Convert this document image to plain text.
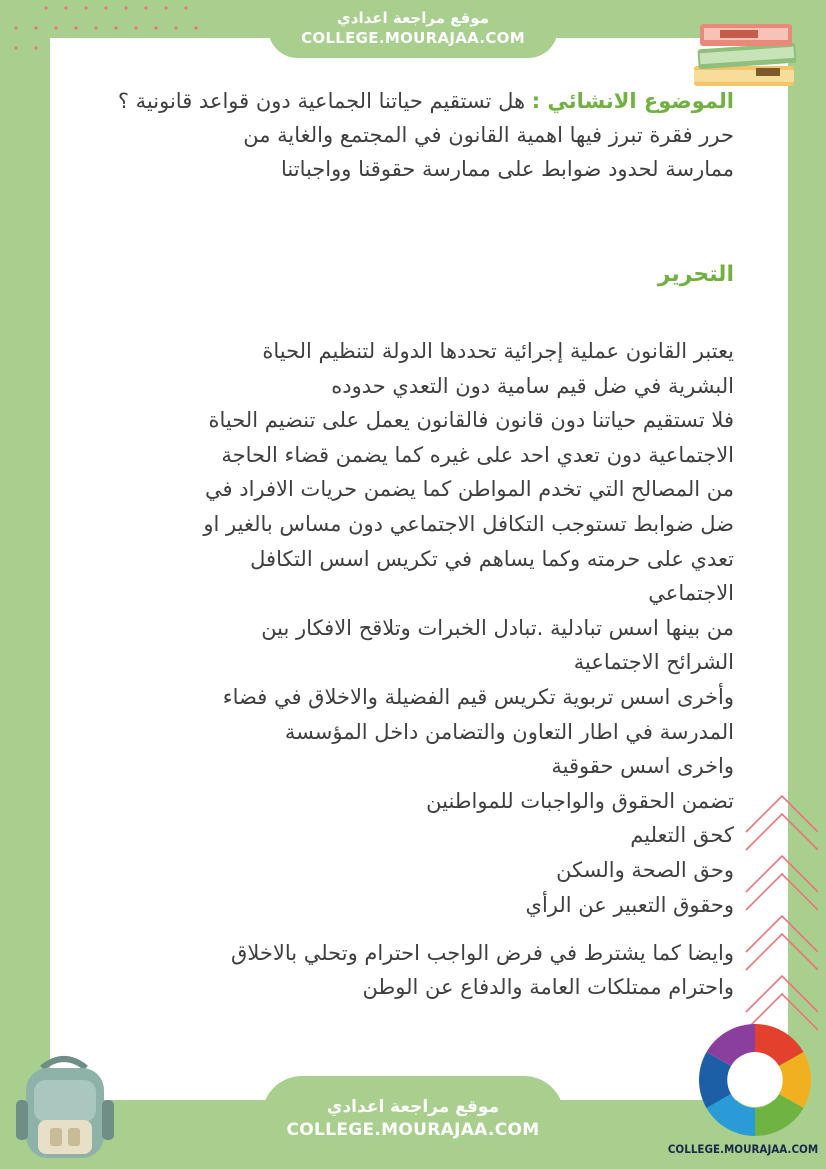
موقع مراجعة اعدادي
COLLEGE.MOURAJAA.COM
الموضوع الانشائي : هل تستقيم حياتنا الجماعية دون قواعد قانونية ؟
حرر فقرة تبرز فيها اهمية القانون في المجتمع والغاية من
ممارسة لحدود ضوابط على ممارسة حقوقنا وواجباتنا
التحرير
يعتبر القانون عملية إجرائية تحددها الدولة لتنظيم الحياة
البشرية في ضل قيم سامية دون التعدي حدوده
فلا تستقيم حياتنا دون قانون فالقانون يعمل على تنضيم الحياة
الاجتماعية دون تعدي احد على غيره كما يضمن قضاء الحاجة
من المصالح التي تخدم المواطن كما يضمن حريات الافراد في
ضل ضوابط تستوجب التكافل الاجتماعي دون مساس بالغير او
تعدي على حرمته وكما يساهم في تكريس اسس التكافل
الاجتماعي
من بينها اسس تبادلية .تبادل الخبرات وتلاقح الافكار بين
الشرائح الاجتماعية
وأخرى اسس تربوية تكريس قيم الفضيلة والاخلاق في فضاء
المدرسة في اطار التعاون والتضامن داخل المؤسسة
واخرى اسس حقوقية
تضمن الحقوق والواجبات للمواطنين
كحق التعليم
وحق الصحة والسكن
وحقوق التعبير عن الرأي
وايضا كما يشترط في فرض الواجب احترام وتحلي بالاخلاق
واحترام ممتلكات العامة والدفاع عن الوطن
موقع مراجعة اعدادي
COLLEGE.MOURAJAA.COM
COLLEGE.MOURAJAA.COM
